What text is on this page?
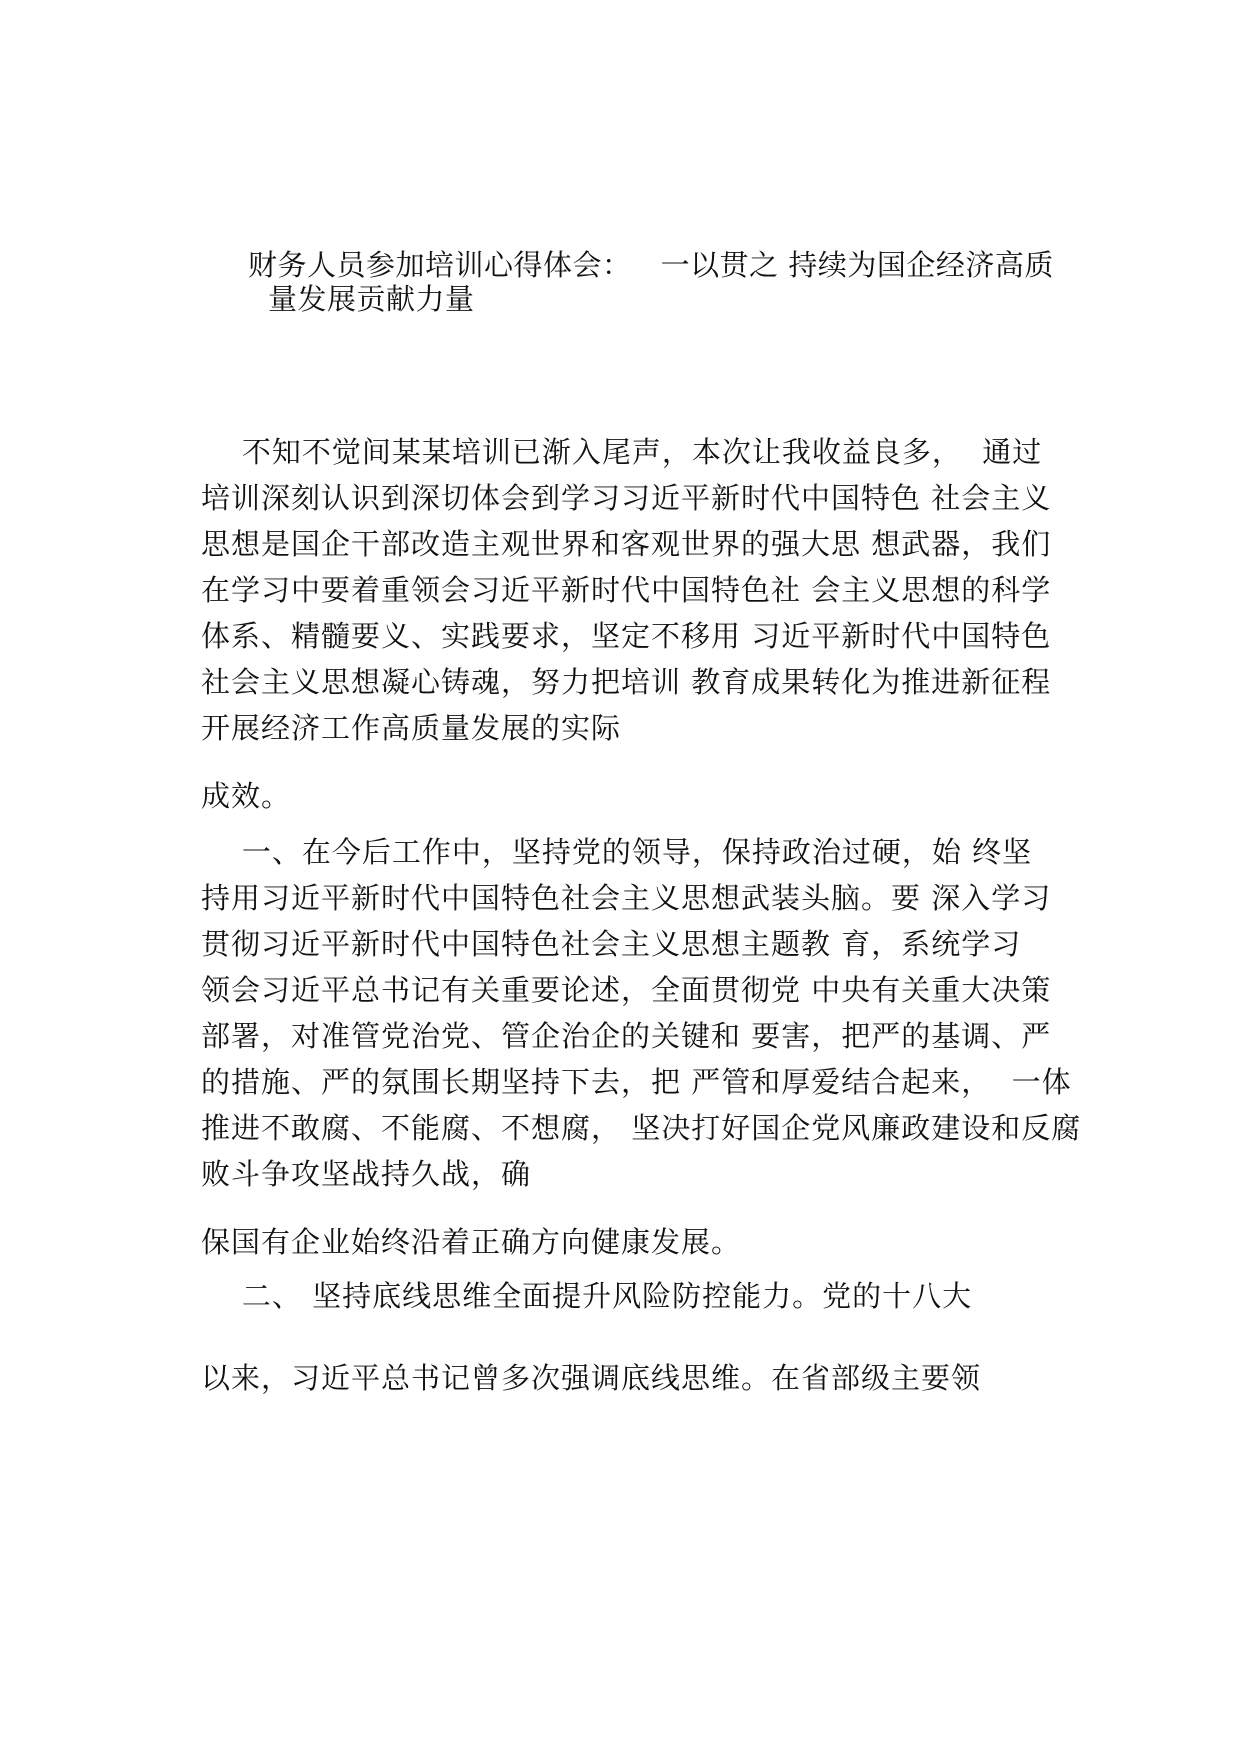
财务人员参加培训心得体会：   一以贯之 持续为国企经济高质
量发展贡献力量
不知不觉间某某培训已渐入尾声，本次让我收益良多，  通过
培训深刻认识到深切体会到学习习近平新时代中国特色 社会主义
思想是国企干部改造主观世界和客观世界的强大思 想武器，我们
在学习中要着重领会习近平新时代中国特色社 会主义思想的科学
体系、精髓要义、实践要求，坚定不移用 习近平新时代中国特色
社会主义思想凝心铸魂，努力把培训 教育成果转化为推进新征程
开展经济工作高质量发展的实际
成效。
一、在今后工作中，坚持党的领导，保持政治过硬，始 终坚
持用习近平新时代中国特色社会主义思想武装头脑。要 深入学习
贯彻习近平新时代中国特色社会主义思想主题教 育，系统学习
领会习近平总书记有关重要论述，全面贯彻党 中央有关重大决策
部署，对准管党治党、管企治企的关键和 要害，把严的基调、严
的措施、严的氛围长期坚持下去，把 严管和厚爱结合起来，  一体
推进不敢腐、不能腐、不想腐， 坚决打好国企党风廉政建设和反腐
败斗争攻坚战持久战，确
保国有企业始终沿着正确方向健康发展。
二、 坚持底线思维全面提升风险防控能力。党的十八大
以来，习近平总书记曾多次强调底线思维。在省部级主要领
